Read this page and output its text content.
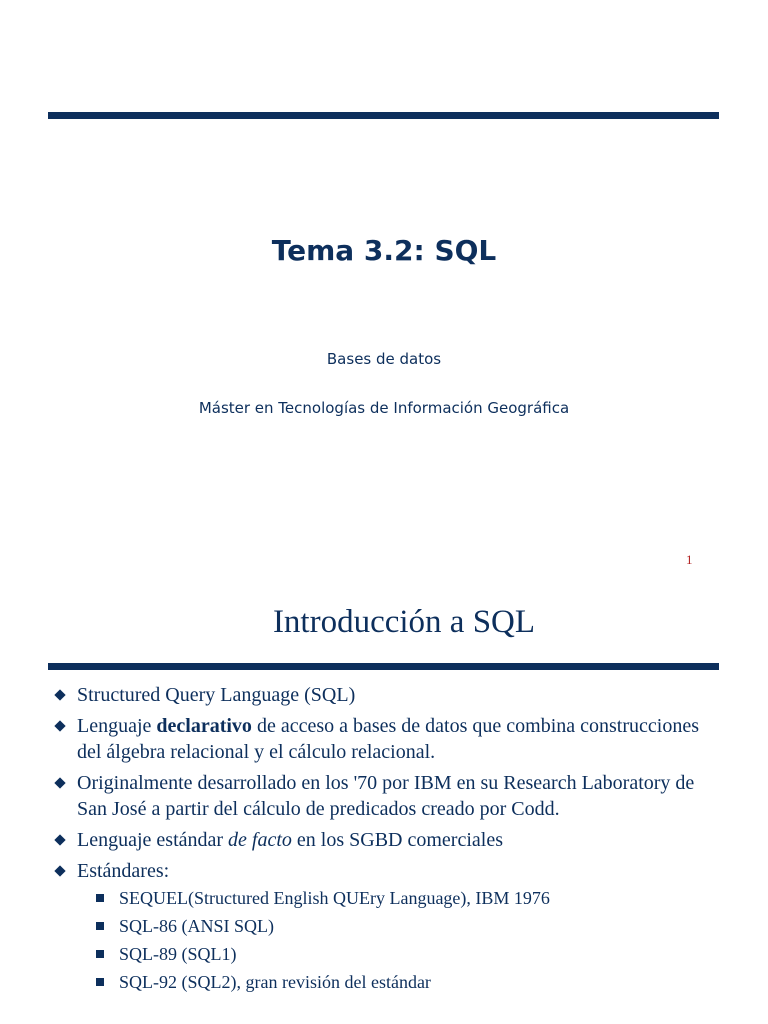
Tema 3.2: SQL
Bases de datos
Máster en Tecnologías de Información Geográfica
1
Introducción a SQL
Structured Query Language (SQL)
Lenguaje declarativo de acceso a bases de datos que combina construcciones del álgebra relacional y el cálculo relacional.
Originalmente desarrollado en los '70 por IBM en su Research Laboratory de San José a partir del cálculo de predicados creado por Codd.
Lenguaje estándar de facto en los SGBD comerciales
Estándares:
SEQUEL(Structured English QUEry Language), IBM 1976
SQL-86 (ANSI SQL)
SQL-89 (SQL1)
SQL-92 (SQL2), gran revisión del estándar
